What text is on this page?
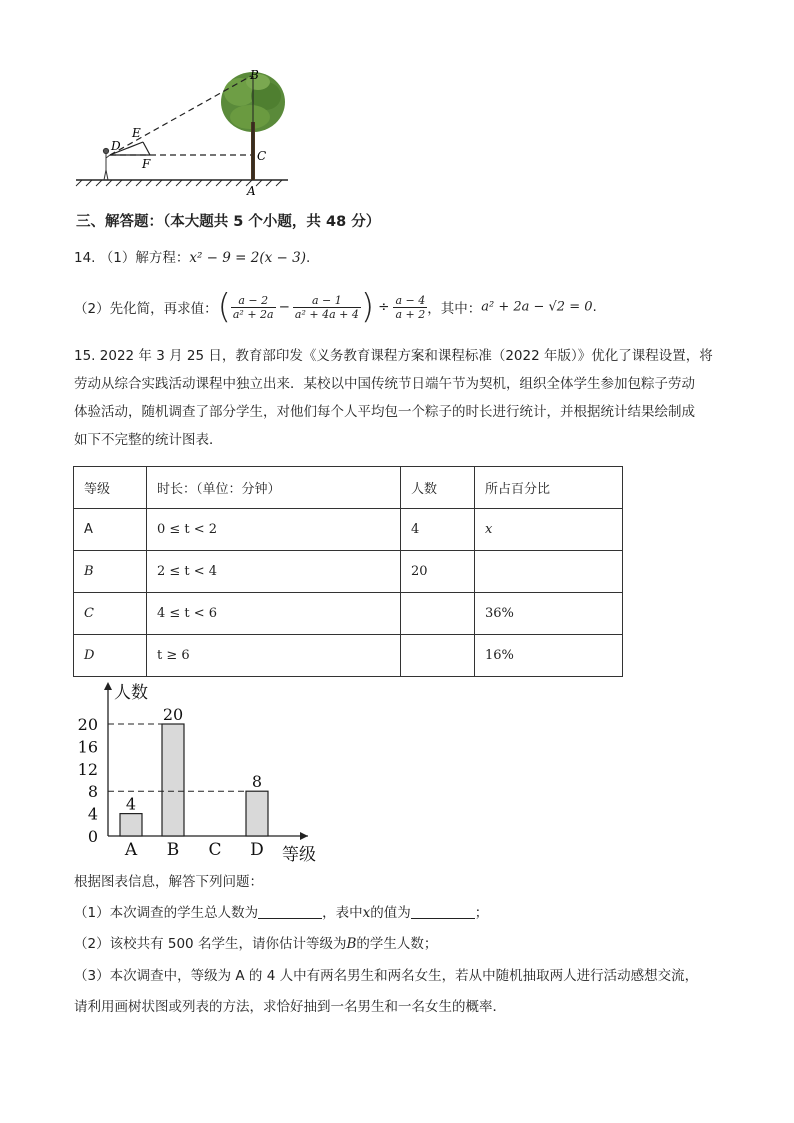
B
E
D
F
C
A
三、解答题：（本大题共 5 个小题，共 48 分）
14. （1）解方程：x² − 9 = 2(x − 3).
（2）先化简，再求值：( $\frac{a - 2}{\text{a² + 2a}} - \frac{a - 1}{\text{a² + 4a + 4}}$ ) ÷ $\frac{a - 4}{a + 2}$ ，其中：a² + 2a − √2 = 0.
15. 2022 年 3 月 25 日，教育部印发《义务教育课程方案和课程标准（2022 年版）》优化了课程设置，将
劳动从综合实践活动课程中独立出来．某校以中国传统节日端午节为契机，组织全体学生参加包粽子劳动
体验活动，随机调查了部分学生，对他们每个人平均包一个粽子的时长进行统计，并根据统计结果绘制成
如下不完整的统计图表．
等级	时长：（单位：分钟）	人数	所占百分比
A	0 ≤ t < 2	4	x
B	2 ≤ t < 4	20	
C	4 ≤ t < 6		36%
D	t ≥ 6		16%
人数
等级
0
4
8
12
16
20
4
A
20
B C
8
D
根据图表信息，解答下列问题：
（1）本次调查的学生总人数为	，表中x的值为	；
（2）该校共有 500 名学生，请你估计等级为B的学生人数；
（3）本次调查中，等级为 A 的 4 人中有两名男生和两名女生，若从中随机抽取两人进行活动感想交流，
请利用画树状图或列表的方法，求恰好抽到一名男生和一名女生的概率．
